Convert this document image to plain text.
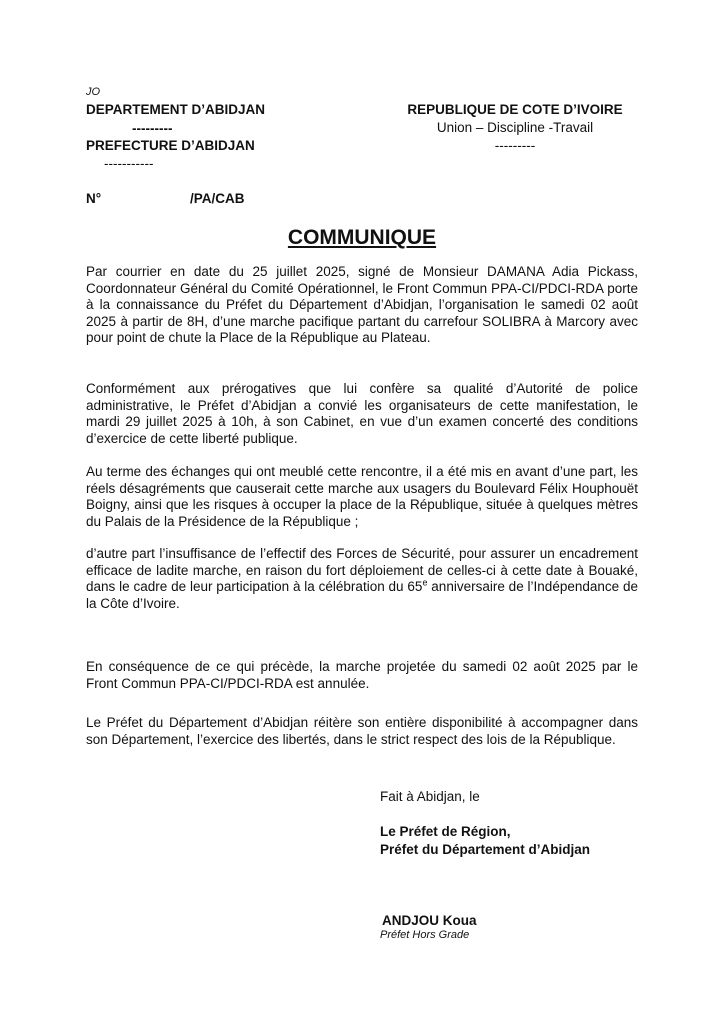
JO
DEPARTEMENT D’ABIDJAN
---------
PREFECTURE D’ABIDJAN
-----------
REPUBLIQUE DE COTE D’IVOIRE
Union – Discipline -Travail
---------
N°	/PA/CAB
COMMUNIQUE
Par courrier en date du 25 juillet 2025, signé de Monsieur DAMANA Adia Pickass, Coordonnateur Général du Comité Opérationnel, le Front Commun PPA-CI/PDCI-RDA porte à la connaissance du Préfet du Département d’Abidjan, l’organisation le samedi 02 août 2025 à partir de 8H, d’une marche pacifique partant du carrefour SOLIBRA à Marcory avec pour point de chute la Place de la République au Plateau.
Conformément aux prérogatives que lui confère sa qualité d’Autorité de police administrative, le Préfet d’Abidjan a convié les organisateurs de cette manifestation, le mardi 29 juillet 2025 à 10h, à son Cabinet, en vue d’un examen concerté des conditions d’exercice de cette liberté publique.
Au terme des échanges qui ont meublé cette rencontre, il a été mis en avant d’une part, les réels désagréments que causerait cette marche aux usagers du Boulevard Félix Houphouët Boigny, ainsi que les risques à occuper la place de la République, située à quelques mètres du Palais de la Présidence de la République ;
d’autre part l’insuffisance de l’effectif des Forces de Sécurité, pour assurer un encadrement efficace de ladite marche, en raison du fort déploiement de celles-ci à cette date à Bouaké, dans le cadre de leur participation à la célébration du 65e anniversaire de l’Indépendance de la Côte d’Ivoire.
En conséquence de ce qui précède, la marche projetée du samedi 02 août 2025 par le Front Commun PPA-CI/PDCI-RDA est annulée.
Le Préfet du Département d’Abidjan réitère son entière disponibilité à accompagner dans son Département, l’exercice des libertés, dans le strict respect des lois de la République.
Fait à Abidjan, le
Le Préfet de Région,
Préfet du Département d’Abidjan
ANDJOU Koua
Préfet Hors Grade
